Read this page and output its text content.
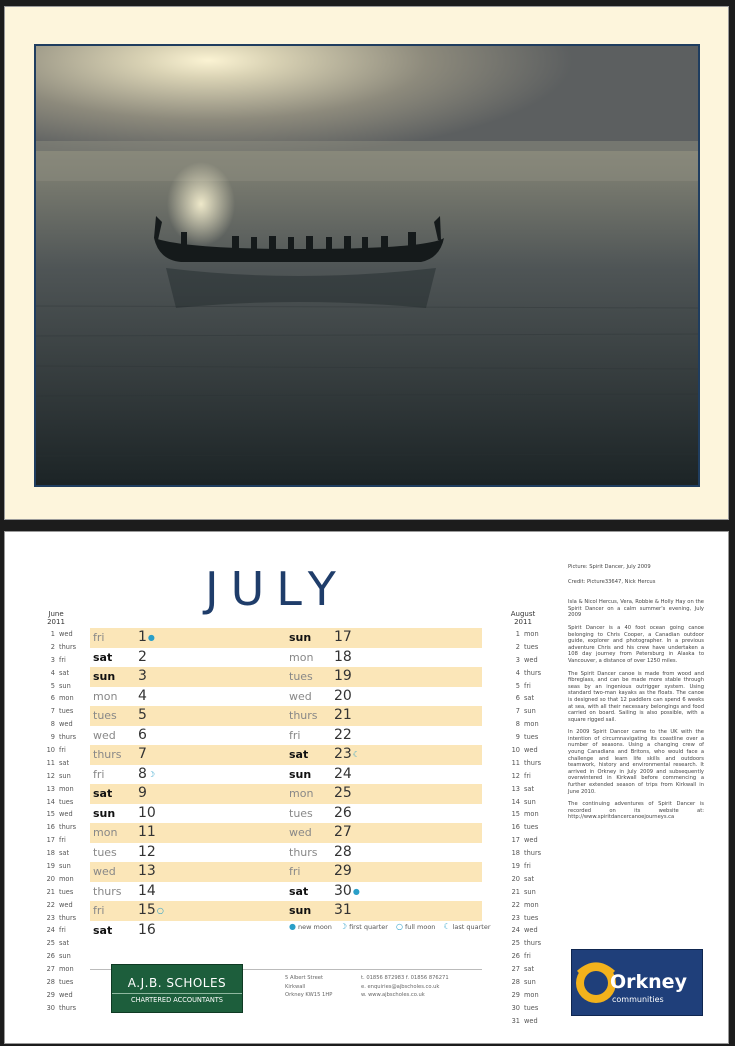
JULY
June
2011
1 wed
2 thurs
3 fri
4 sat
5 sun
6 mon
7 tues
8 wed
9 thurs
10 fri
11 sat
12 sun
13 mon
14 tues
15 wed
16 thurs
17 fri
18 sat
19 sun
20 mon
21 tues
22 wed
23 thurs
24 fri
25 sat
26 sun
27 mon
28 tues
29 wed
30 thurs
August
2011
1 mon
2 tues
3 wed
4 thurs
5 fri
6 sat
7 sun
8 mon
9 tues
10 wed
11 thurs
12 fri
13 sat
14 sun
15 mon
16 tues
17 wed
18 thurs
19 fri
20 sat
21 sun
22 mon
23 tues
24 wed
25 thurs
26 fri
27 sat
28 sun
29 mon
30 tues
31 wed
fri 1●
sat 2
sun 3
mon 4
tues 5
wed 6
thurs 7
fri 8☽
sat 9
sun 10
mon 11
tues 12
wed 13
thurs 14
fri 15○
sat 16
sun 17
mon 18
tues 19
wed 20
thurs 21
fri 22
sat 23☾
sun 24
mon 25
tues 26
wed 27
thurs 28
fri 29
sat 30●
sun 31
● new moon ☽ first quarter ○ full moon ☾ last quarter
A.J.B. SCHOLES
CHARTERED ACCOUNTANTS
5 Albert Street
Kirkwall
Orkney KW15 1HP
t. 01856 872983 f. 01856 876271
e. enquiries@ajbscholes.co.uk
w. www.ajbscholes.co.uk

Picture: Spirit Dancer, July 2009

Credit: Picture33647, Nick Hercus

Isla & Nicol Hercus, Vera, Robbie & Holly Hay on the Spirit Dancer on a calm summer's evening, July 2009

Spirit Dancer is a 40 foot ocean going canoe belonging to Chris Cooper, a Canadian outdoor guide, explorer and photographer. In a previous adventure Chris and his crew have undertaken a 108 day journey from Petersburg in Alaska to Vancouver, a distance of over 1250 miles.

The Spirit Dancer canoe is made from wood and fibreglass, and can be made more stable through seas by an ingenious outrigger system. Using standard two-man kayaks as the floats. The canoe is designed so that 12 paddlers can spend 6 weeks at sea, with all their necessary belongings and food carried on board. Sailing is also possible, with a square rigged sail.

In 2009 Spirit Dancer came to the UK with the intention of circumnavigating its coastline over a number of seasons. Using a changing crew of young Canadians and Britons, who would face a challenge and learn life skills and outdoors teamwork, history and environmental research. It arrived in Orkney in July 2009 and subsequently overwintered in Kirkwall before commencing a further extended season of trips from Kirkwall in June 2010.

The continuing adventures of Spirit Dancer is recorded on its website at: http://www.spiritdancercanoejourneys.ca

Orkney
communities
